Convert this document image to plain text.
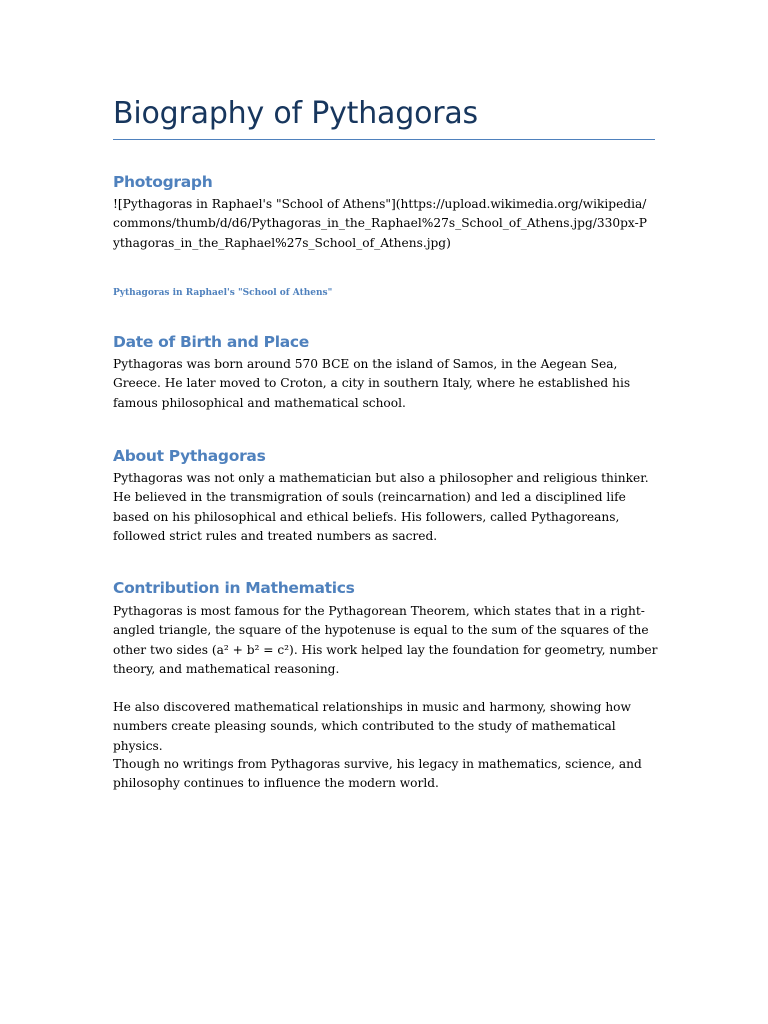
Biography of Pythagoras
Photograph

![Pythagoras in Raphael's "School of Athens"](https://upload.wikimedia.org/wikipedia/commons/thumb/d/d6/Pythagoras_in_the_Raphael%27s_School_of_Athens.jpg/330px-Pythagoras_in_the_Raphael%27s_School_of_Athens.jpg)

Pythagoras in Raphael's "School of Athens"

Date of Birth and Place

Pythagoras was born around 570 BCE on the island of Samos, in the Aegean Sea, Greece. He later moved to Croton, a city in southern Italy, where he established his famous philosophical and mathematical school.

About Pythagoras

Pythagoras was not only a mathematician but also a philosopher and religious thinker. He believed in the transmigration of souls (reincarnation) and led a disciplined life based on his philosophical and ethical beliefs. His followers, called Pythagoreans, followed strict rules and treated numbers as sacred.

Contribution in Mathematics

Pythagoras is most famous for the Pythagorean Theorem, which states that in a right-angled triangle, the square of the hypotenuse is equal to the sum of the squares of the other two sides (a² + b² = c²). His work helped lay the foundation for geometry, number theory, and mathematical reasoning.

He also discovered mathematical relationships in music and harmony, showing how numbers create pleasing sounds, which contributed to the study of mathematical physics.

Though no writings from Pythagoras survive, his legacy in mathematics, science, and philosophy continues to influence the modern world.
